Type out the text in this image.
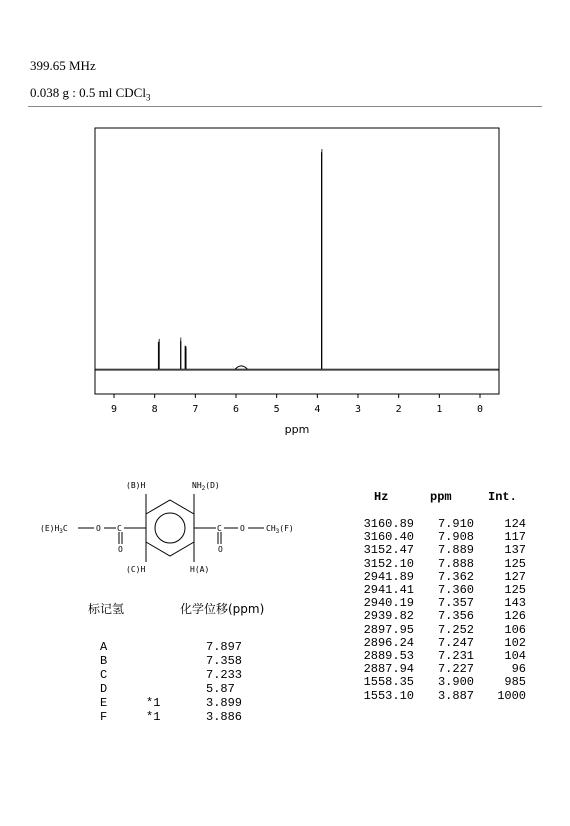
399.65 MHz
0.038 g : 0.5 ml CDCl$_3$
9	8	7	6	5	4	3	2	1	0
ppm
(B)H	$NH_2(D)$
$(E)H_3C$	O C
O
C
O
O	$CH_3(F)$
(C)H	H(A)
标记氢	化学位移(ppm)
A	7.897
B	7.358
C	7.233
D	5.87
E	*1	3.899
F	*1	3.886
Hz	ppm	Int.
3160.89	7.910	124
3160.40	7.908	117
3152.47	7.889	137
3152.10	7.888	125
2941.89	7.362	127
2941.41	7.360	125
2940.19	7.357	143
2939.82	7.356	126
2897.95	7.252	106
2896.24	7.247	102
2889.53	7.231	104
2887.94	7.227	96
1558.35	3.900	985
1553.10	3.887	1000
